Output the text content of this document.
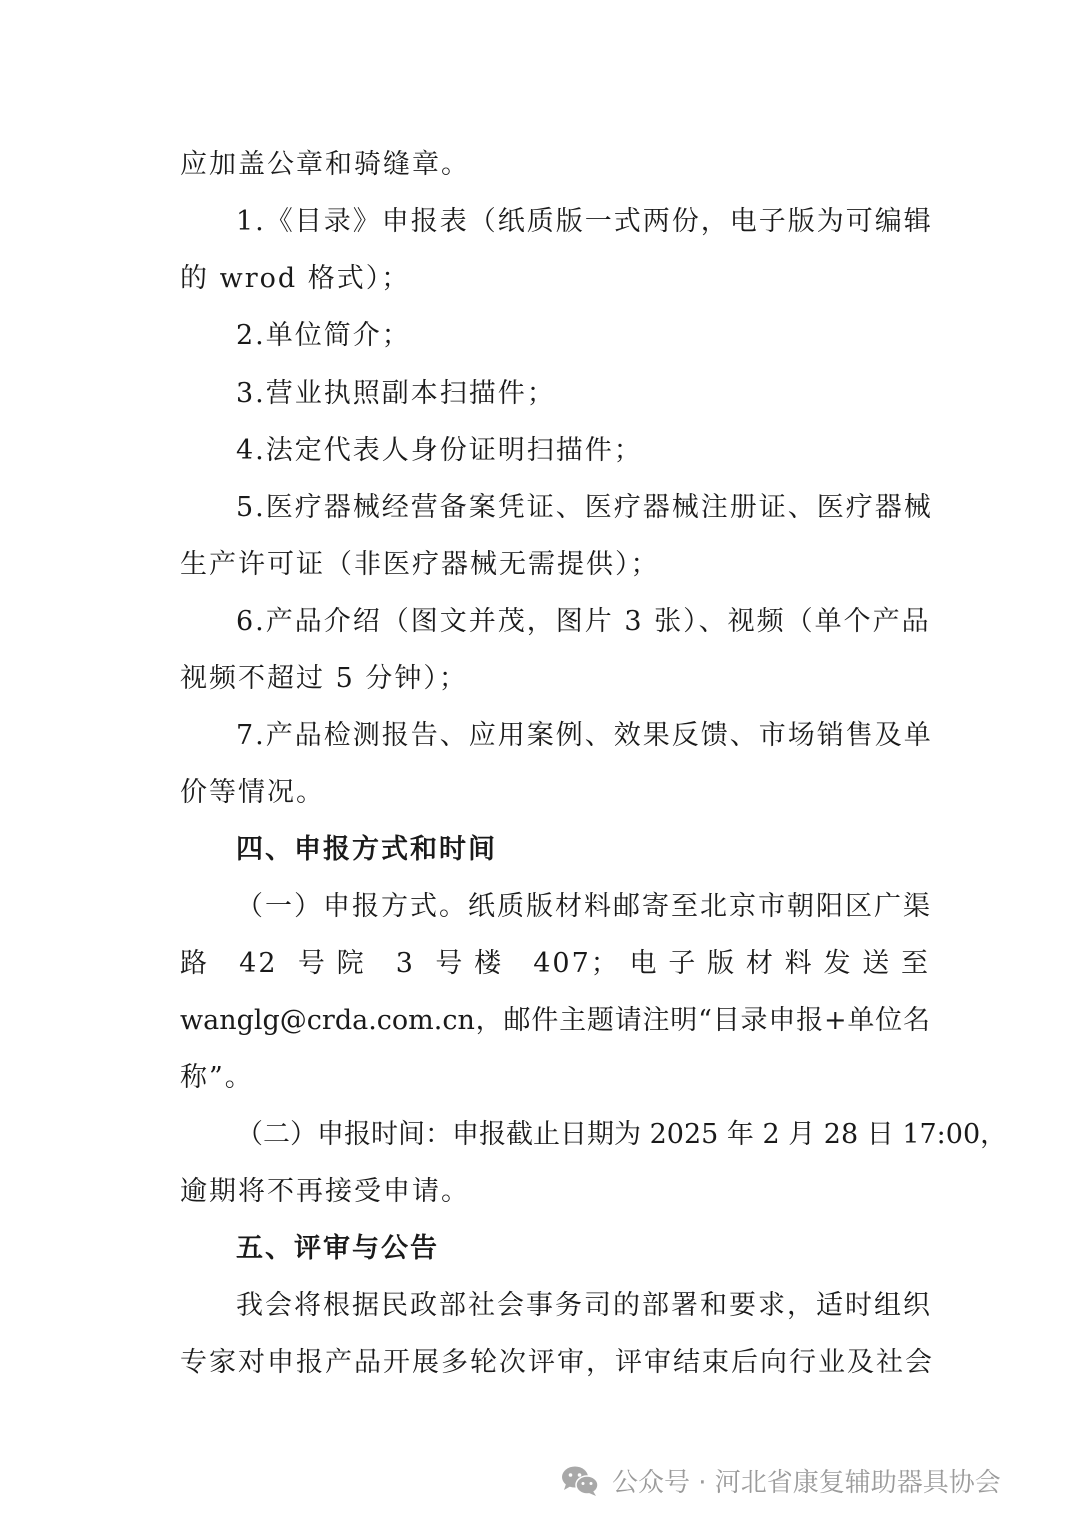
应加盖公章和骑缝章。
1.《目录》申报表（纸质版一式两份，电子版为可编辑
的 wrod 格式）；
2.单位简介；
3.营业执照副本扫描件；
4.法定代表人身份证明扫描件；
5.医疗器械经营备案凭证、医疗器械注册证、医疗器械
生产许可证（非医疗器械无需提供）；
6.产品介绍（图文并茂，图片 3 张）、视频（单个产品
视频不超过 5 分钟）；
7.产品检测报告、应用案例、效果反馈、市场销售及单
价等情况。
四、申报方式和时间
（一）申报方式。纸质版材料邮寄至北京市朝阳区广渠
路 42 号院 3 号楼 407；电子版材料发送至
wanglg@crda.com.cn，邮件主题请注明“目录申报+单位名
称”。
（二）申报时间：申报截止日期为 2025 年 2 月 28 日 17:00，
逾期将不再接受申请。
五、评审与公告
我会将根据民政部社会事务司的部署和要求，适时组织
专家对申报产品开展多轮次评审，评审结束后向行业及社会
公众号 · 河北省康复辅助器具协会
